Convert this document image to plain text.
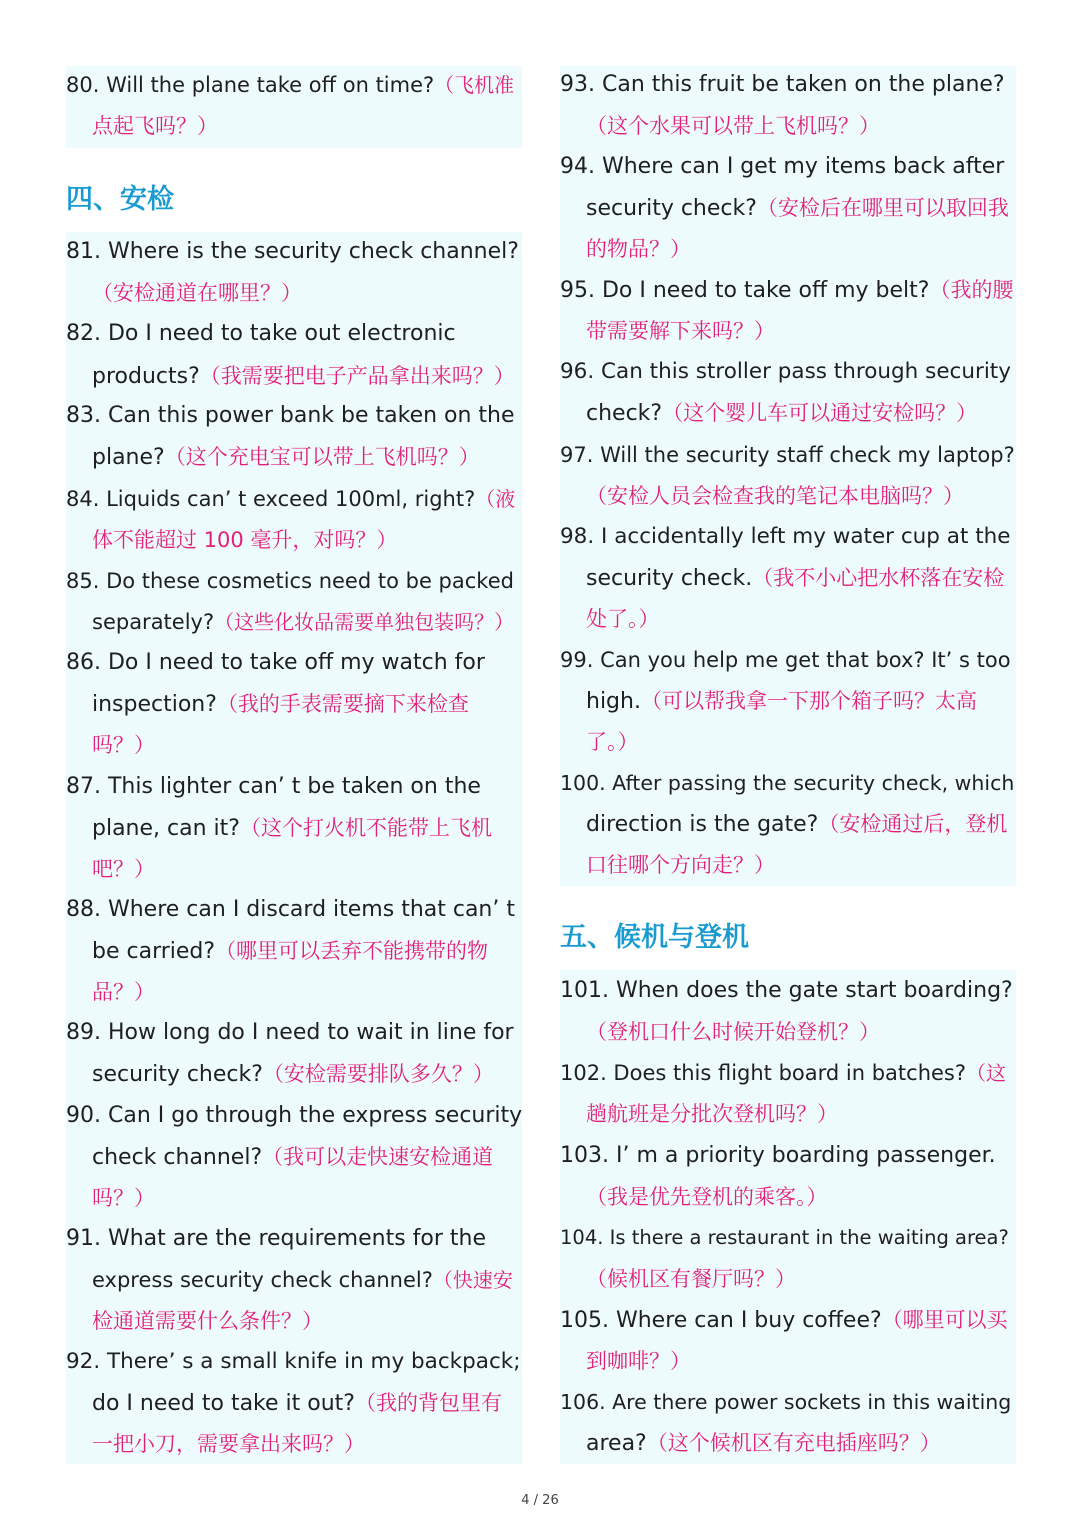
80. Will the plane take off on time?（飞机准
点起飞吗？）
四、安检
81. Where is the security check channel?
（安检通道在哪里？）
82. Do I need to take out electronic
products?（我需要把电子产品拿出来吗？）
83. Can this power bank be taken on the
plane?（这个充电宝可以带上飞机吗？）
84. Liquids can’ t exceed 100ml, right?（液
体不能超过 100 毫升，对吗？）
85. Do these cosmetics need to be packed
separately?（这些化妆品需要单独包装吗？）
86. Do I need to take off my watch for
inspection?（我的手表需要摘下来检查
吗？）
87. This lighter can’ t be taken on the
plane, can it?（这个打火机不能带上飞机
吧？）
88. Where can I discard items that can’ t
be carried?（哪里可以丢弃不能携带的物
品？）
89. How long do I need to wait in line for
security check?（安检需要排队多久？）
90. Can I go through the express security
check channel?（我可以走快速安检通道
吗？）
91. What are the requirements for the
express security check channel?（快速安
检通道需要什么条件？）
92. There’ s a small knife in my backpack;
do I need to take it out?（我的背包里有
一把小刀，需要拿出来吗？）
93. Can this fruit be taken on the plane?
（这个水果可以带上飞机吗？）
94. Where can I get my items back after
security check?（安检后在哪里可以取回我
的物品？）
95. Do I need to take off my belt?（我的腰
带需要解下来吗？）
96. Can this stroller pass through security
check?（这个婴儿车可以通过安检吗？）
97. Will the security staff check my laptop?
（安检人员会检查我的笔记本电脑吗？）
98. I accidentally left my water cup at the
security check.（我不小心把水杯落在安检
处了。）
99. Can you help me get that box? It’ s too
high.（可以帮我拿一下那个箱子吗？太高
了。）
100. After passing the security check, which
direction is the gate?（安检通过后，登机
口往哪个方向走？）
五、候机与登机
101. When does the gate start boarding?
（登机口什么时候开始登机？）
102. Does this flight board in batches?（这
趟航班是分批次登机吗？）
103. I’ m a priority boarding passenger.
（我是优先登机的乘客。）
104. Is there a restaurant in the waiting area?
（候机区有餐厅吗？）
105. Where can I buy coffee?（哪里可以买
到咖啡？）
106. Are there power sockets in this waiting
area?（这个候机区有充电插座吗？）
4 / 26
